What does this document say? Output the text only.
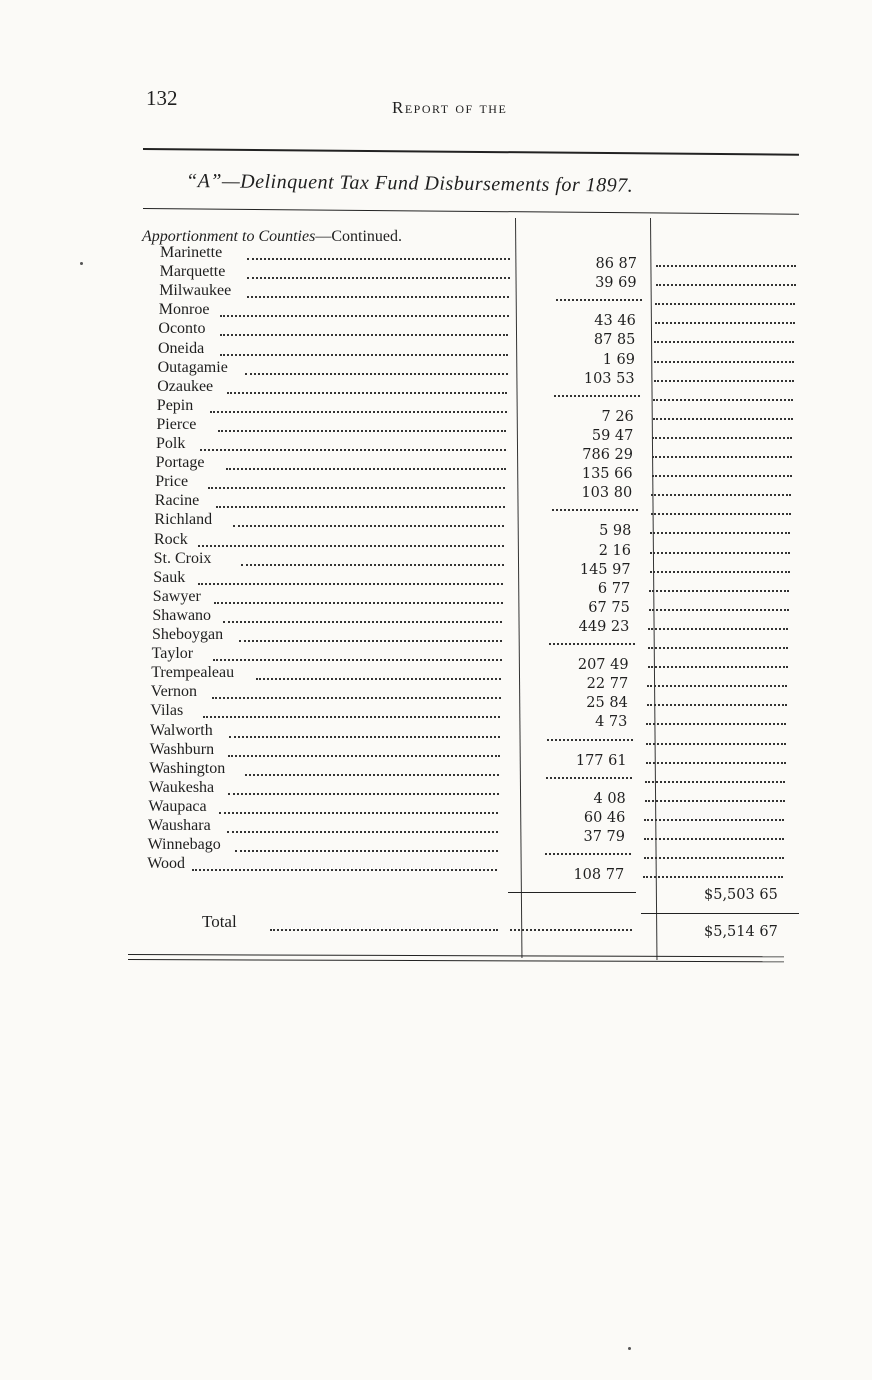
132	Report of the
“A”—Delinquent Tax Fund Disbursements for 1897.
Apportionment to Counties—Continued.
Marinette
86 87
Marquette
39 69
Milwaukee
Monroe
43 46
Oconto
87 85
Oneida
1 69
Outagamie
103 53
Ozaukee
Pepin
7 26
Pierce
59 47
Polk
786 29
Portage
135 66
Price
103 80
Racine
Richland
5 98
Rock
2 16
St. Croix
145 97
Sauk
6 77
Sawyer
67 75
Shawano
449 23
Sheboygan
Taylor
207 49
Trempealeau
22 77
Vernon
25 84
Vilas
4 73
Walworth
Washburn
177 61
Washington
Waukesha
4 08
Waupaca
60 46
Waushara
37 79
Winnebago
Wood
108 77
$5,503 65
Total
$5,514 67
